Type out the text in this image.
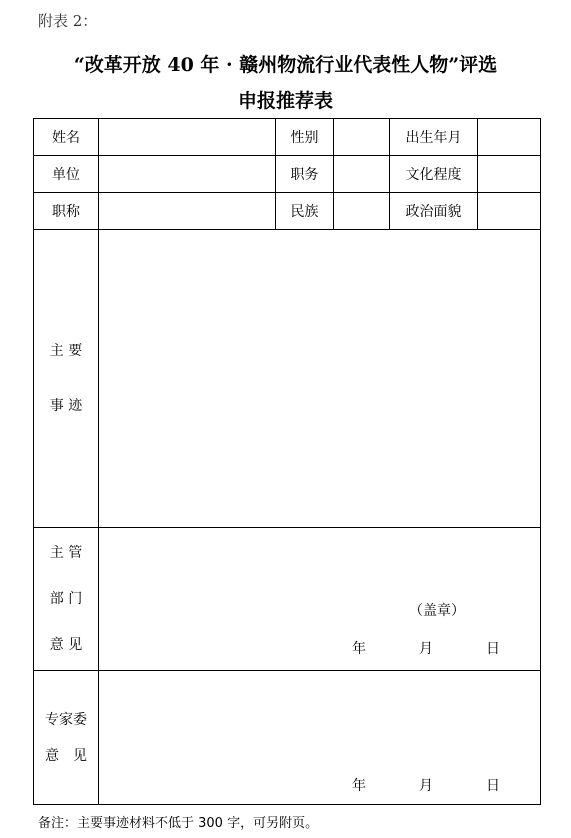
附表 2：
“改革开放 40 年 · 赣州物流行业代表性人物”评选
申报推荐表
姓名		性别		出生年月	
单位		职务		文化程度	
职称		民族		政治面貌	

主 要
事 迹					

主 管
部 门
意 见	（盖章）
年 月 日				

专家委
意　见	年 月 日				
备注：主要事迹材料不低于 300 字，可另附页。
